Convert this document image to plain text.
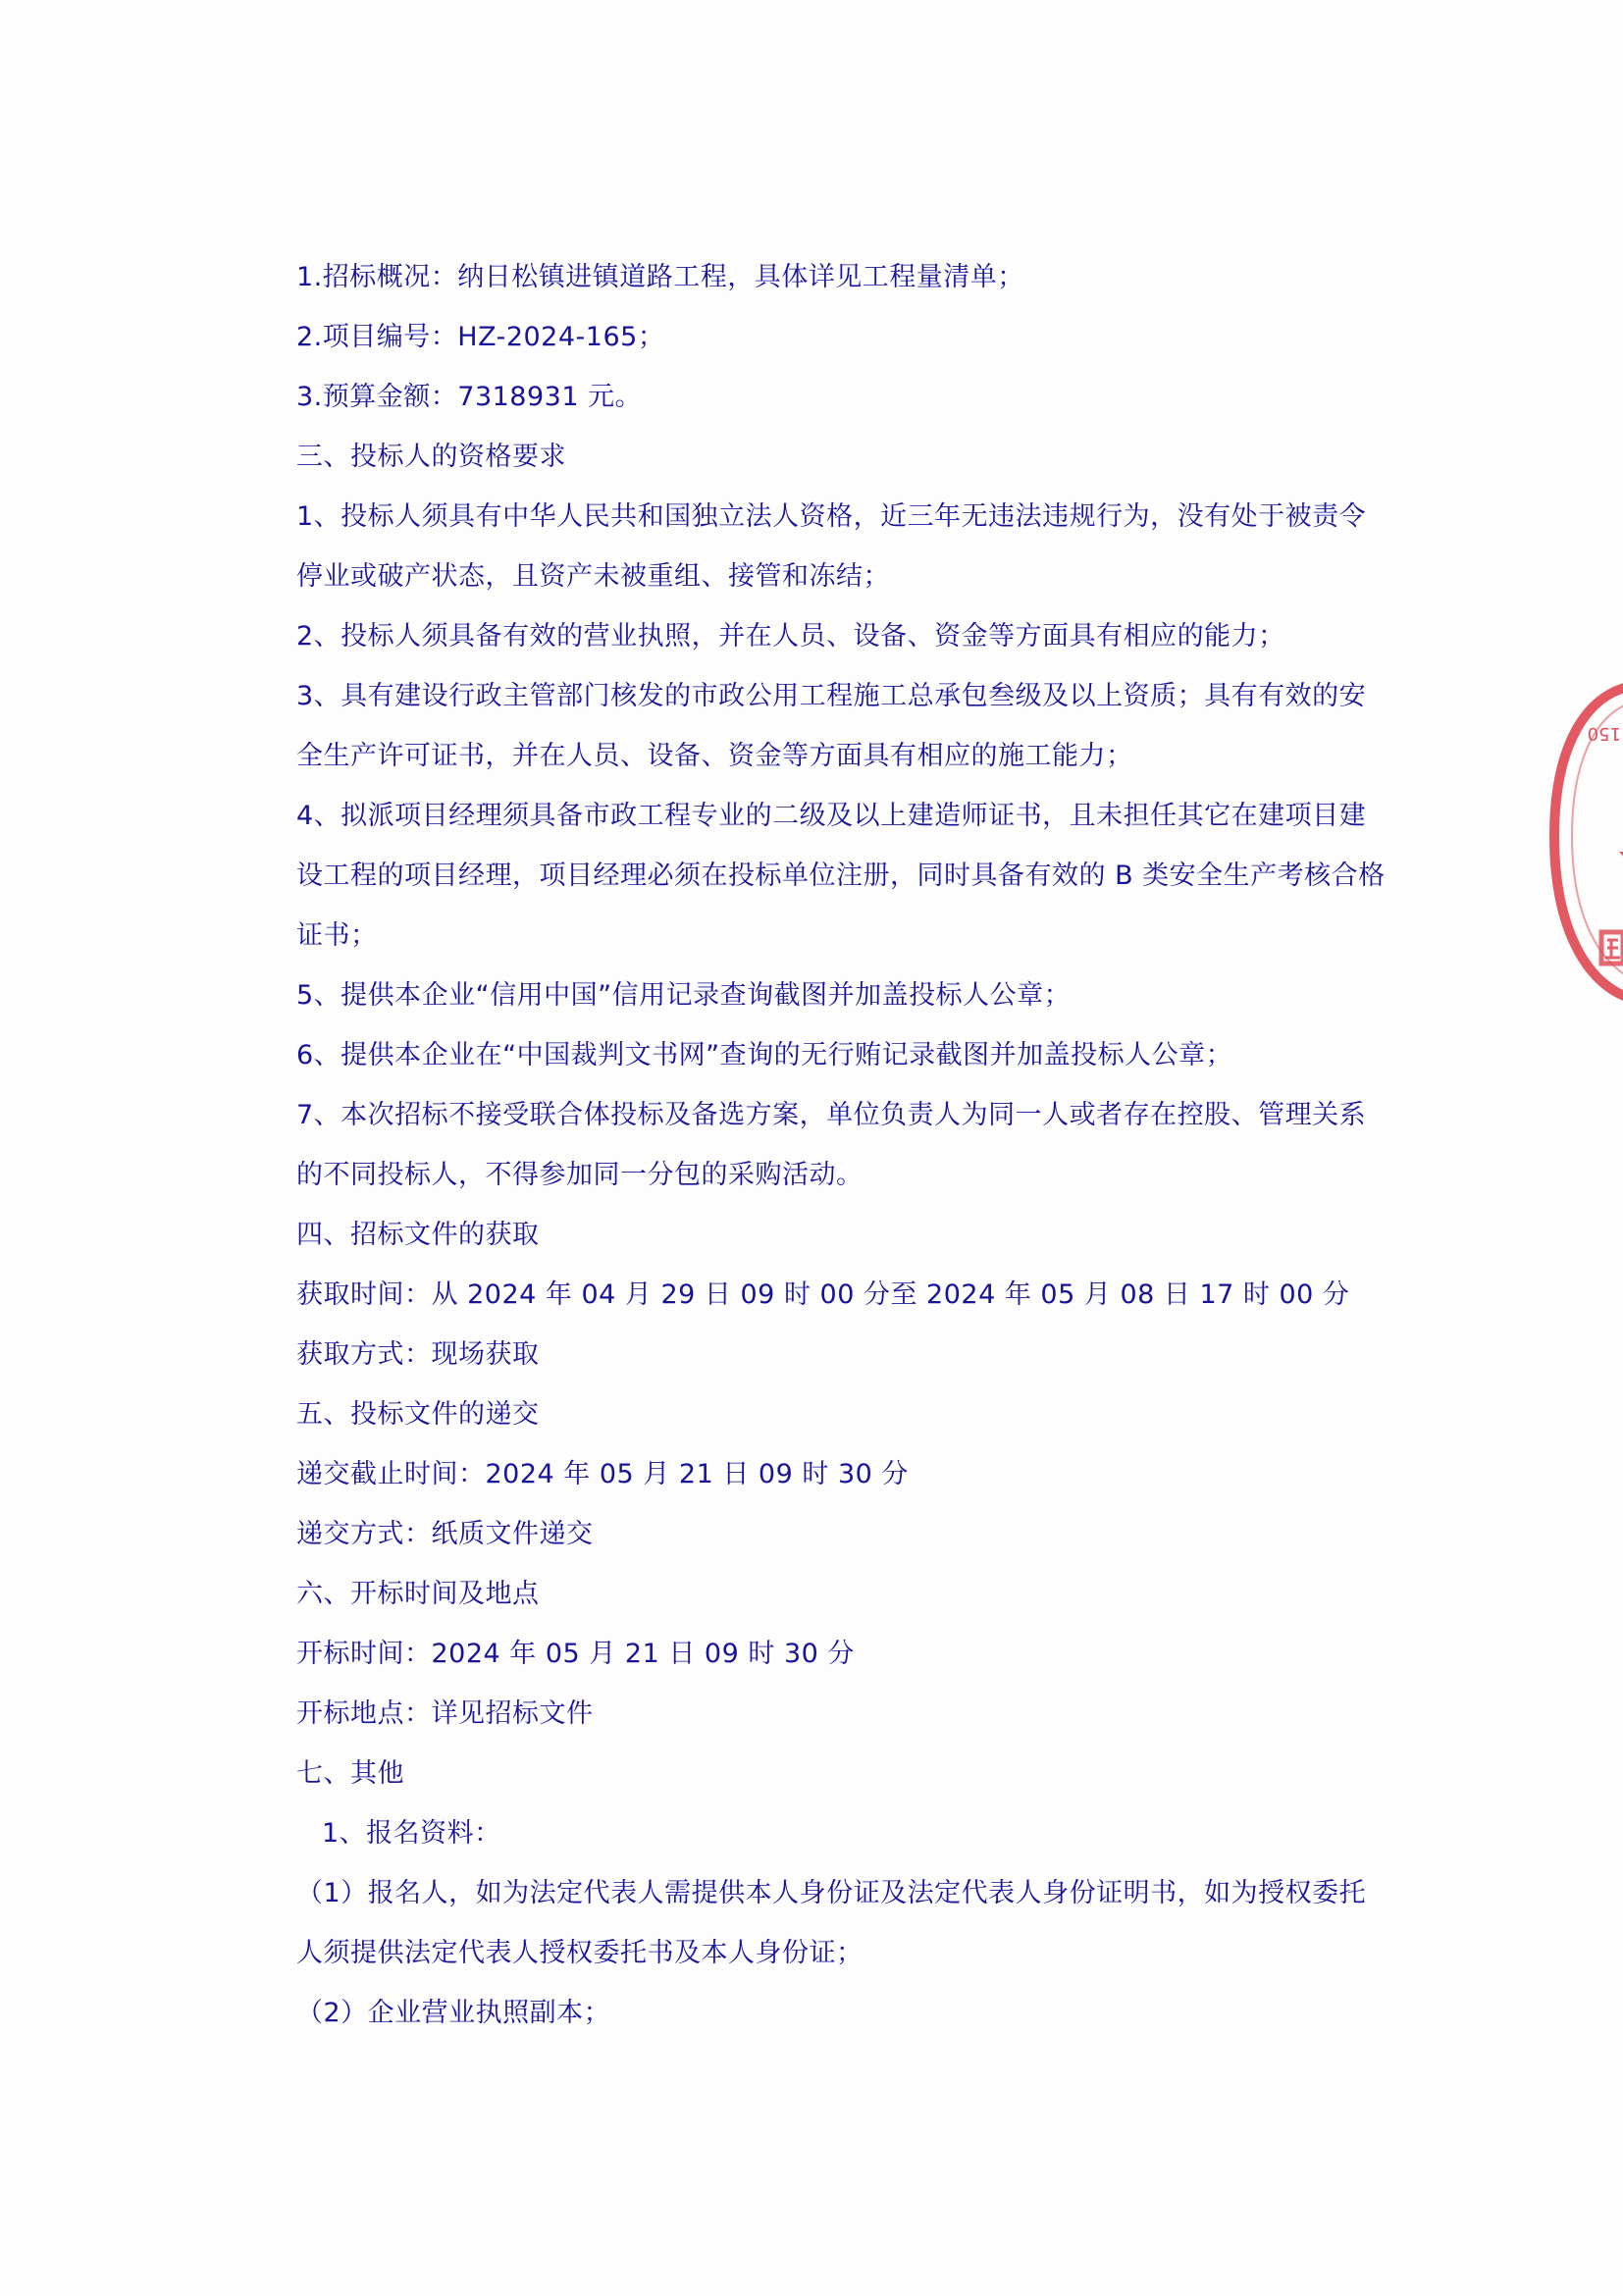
1.招标概况：纳日松镇进镇道路工程，具体详见工程量清单；
2.项目编号：HZ-2024-165；
3.预算金额：7318931 元。
三、投标人的资格要求
1、投标人须具有中华人民共和国独立法人资格，近三年无违法违规行为，没有处于被责令
停业或破产状态，且资产未被重组、接管和冻结；
2、投标人须具备有效的营业执照，并在人员、设备、资金等方面具有相应的能力；
3、具有建设行政主管部门核发的市政公用工程施工总承包叁级及以上资质；具有有效的安
全生产许可证书，并在人员、设备、资金等方面具有相应的施工能力；
4、拟派项目经理须具备市政工程专业的二级及以上建造师证书，且未担任其它在建项目建
设工程的项目经理，项目经理必须在投标单位注册，同时具备有效的 B 类安全生产考核合格
证书；
5、提供本企业“信用中国”信用记录查询截图并加盖投标人公章；
6、提供本企业在“中国裁判文书网”查询的无行贿记录截图并加盖投标人公章；
7、本次招标不接受联合体投标及备选方案，单位负责人为同一人或者存在控股、管理关系
的不同投标人，不得参加同一分包的采购活动。
四、招标文件的获取
获取时间：从 2024 年 04 月 29 日 09 时 00 分至 2024 年 05 月 08 日 17 时 00 分
获取方式：现场获取
五、投标文件的递交
递交截止时间：2024 年 05 月 21 日 09 时 30 分
递交方式：纸质文件递交
六、开标时间及地点
开标时间：2024 年 05 月 21 日 09 时 30 分
开标地点：详见招标文件
七、其他
1、报名资料：
（1）报名人，如为法定代表人需提供本人身份证及法定代表人身份证明书，如为授权委托
人须提供法定代表人授权委托书及本人身份证；
（2）企业营业执照副本；
150
